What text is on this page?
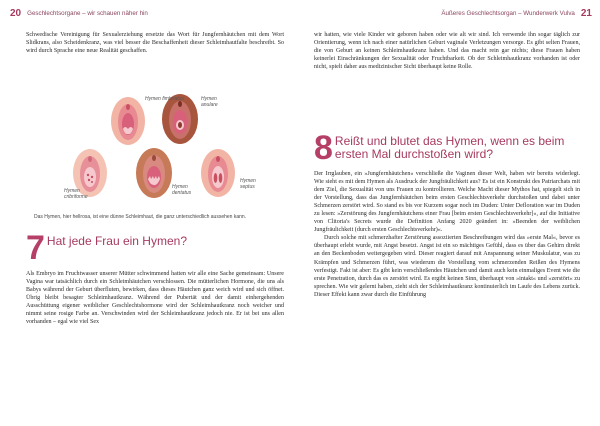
20 Geschlechtsorgane – wir schauen näher hin

Schwedische Vereinigung für Sexualerziehung ersetzte das Wort für Jungfernhäutchen mit dem Wort Slidkrans, also Scheidenkranz, was viel besser die Beschaffenheit dieser Schleimhautfalte beschreibt. So wird durch Sprache eine neue Realität geschaffen.

Hymen fimbriatus	Hymen anulare
Hymen cribriforme
Hymen dentatus
Hymen septus
Das Hymen, hier hellrosa, ist eine dünne Schleimhaut, die ganz unterschiedlich aussehen kann.
7 Hat jede Frau ein Hymen?

Als Embryo im Fruchtwasser unserer Mütter schwimmend hatten wir alle eine Sache gemeinsam: Unsere Vagina war tatsächlich durch ein Schleimhäutchen verschlossen. Die mütterlichen Hormone, die uns als Babys während der Geburt überfluten, bewirken, dass dieses Häutchen ganz weich wird und sich öffnet. Übrig bleibt besagter Schleimhautkranz. Während der Pubertät und der damit einhergehenden Ausschüttung eigener weiblicher Geschlechtshormone wird der Schleimhautkranz noch weicher und nimmt seine rosige Farbe an. Verschwinden wird der Schleimhautkranz jedoch nie. Er ist bei uns allen vorhanden – egal wie viel Sex

Äußeres Geschlechtsorgan – Wunderwerk Vulva 21

wir hatten, wie viele Kinder wir geboren haben oder wie alt wir sind. Ich verwende ihn sogar täglich zur Orientierung, wenn ich nach einer natürlichen Geburt vaginale Verletzungen versorge. Es gibt selten Frauen, die von Geburt an keinen Schleimhautkranz haben. Und das macht rein gar nichts; diese Frauen haben keinerlei Einschränkungen der Sexualität oder Fruchtbarkeit. Ob der Schleimhautkranz vorhanden ist oder nicht, spielt daher aus medizinischer Sicht überhaupt keine Rolle.

8 Reißt und blutet das Hymen, wenn es beim ersten Mal durchstoßen wird?

Der Irrglauben, ein »Jungfernhäutchen« verschließe die Vaginen dieser Welt, haben wir bereits widerlegt. Wie sieht es mit dem Hymen als Ausdruck der Jungfräulichkeit aus? Es ist ein Konstrukt des Patriarchats mit dem Ziel, die Sexualität von uns Frauen zu kontrollieren. Welche Macht dieser Mythos hat, spiegelt sich in der Vorstellung, dass das Jungfernhäutchen beim ersten Geschlechtsverkehr durchstoßen und dabei unter Schmerzen zerstört wird. So stand es bis vor Kurzem sogar noch im Duden: Unter Defloration war im Duden zu lesen: »Zerstörung des Jungfernhäutchens einer Frau [beim ersten Geschlechtsverkehr]«, auf die Initiative von Clitoria's Secrets wurde die Definition Anfang 2020 geändert in: »Beenden der weiblichen Jungfräulichkeit (durch ersten Geschlechtsverkehr)«.

Durch solche mit schmerzhafter Zerstörung assoziierten Beschreibungen wird das »erste Mal«, bevor es überhaupt erlebt wurde, mit Angst besetzt. Angst ist ein so mächtiges Gefühl, dass es über das Gehirn direkt an den Beckenboden weitergegeben wird. Dieser reagiert darauf mit Anspannung seiner Muskulatur, was zu Krämpfen und Schmerzen führt, was wiederum die Vorstellung vom schmerzenden Reißen des Hymens verfestigt. Fakt ist aber: Es gibt kein verschließendes Häutchen und damit auch kein einmaliges Event wie die erste Penetration, durch das es zerstört wird. Es ergibt keinen Sinn, überhaupt von »intakt« und »zerstört« zu sprechen. Wie wir gelernt haben, zieht sich der Schleimhautkranz kontinuierlich im Laufe des Lebens zurück. Dieser Effekt kann zwar durch die Einführung
